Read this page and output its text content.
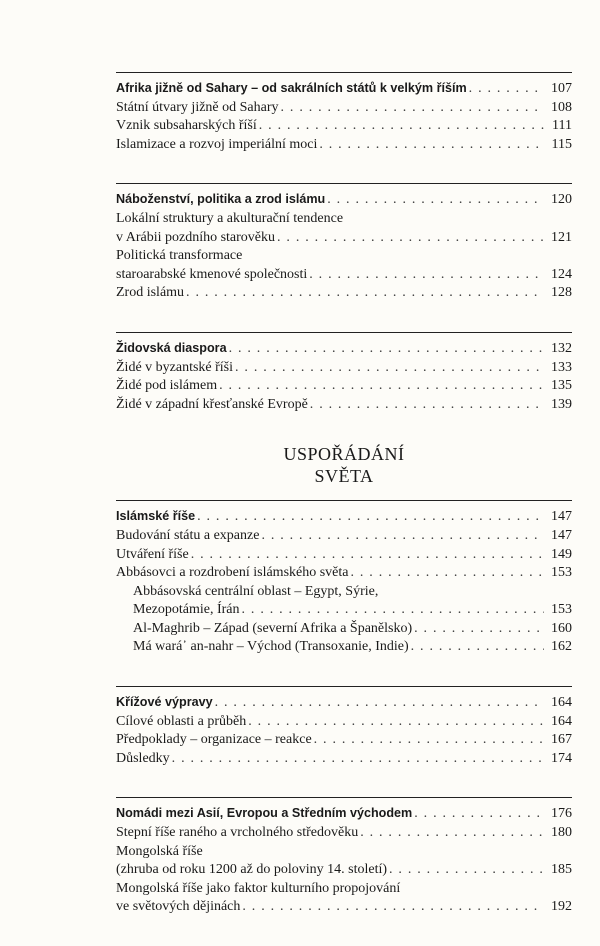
Afrika jižně od Sahary – od sakrálních států k velkým říším . . .	107
Státní útvary jižně od Sahary . . .	108
Vznik subsaharských říší . . .	111
Islamizace a rozvoj imperiální moci . . .	115
Náboženství, politika a zrod islámu . . .	120
Lokální struktury a akulturační tendence
v Arábii pozdního starověku . . .	121
Politická transformace
staroarabské kmenové společnosti . . .	124
Zrod islámu . . .	128
Židovská diaspora . . .	132
Židé v byzantské říši . . .	133
Židé pod islámem . . .	135
Židé v západní křesťanské Evropě . . .	139
USPOŘÁDÁNÍ
SVĚTA
Islámské říše . . .	147
Budování státu a expanze . . .	147
Utváření říše . . .	149
Abbásovci a rozdrobení islámského světa . . .	153
Abbásovská centrální oblast – Egypt, Sýrie,
Mezopotámie, Írán . . .	153
Al-Maghrib – Západ (severní Afrika a Španělsko) . . .	160
Má wará᾽ an-nahr – Východ (Transoxanie, Indie) . . .	162
Křížové výpravy . . .	164
Cílové oblasti a průběh . . .	164
Předpoklady – organizace – reakce . . .	167
Důsledky . . .	174
Nomádi mezi Asií, Evropou a Středním východem . . .	176
Stepní říše raného a vrcholného středověku . . .	180
Mongolská říše
(zhruba od roku 1200 až do poloviny 14. století) . . .	185
Mongolská říše jako faktor kulturního propojování
ve světových dějinách . . .	192
